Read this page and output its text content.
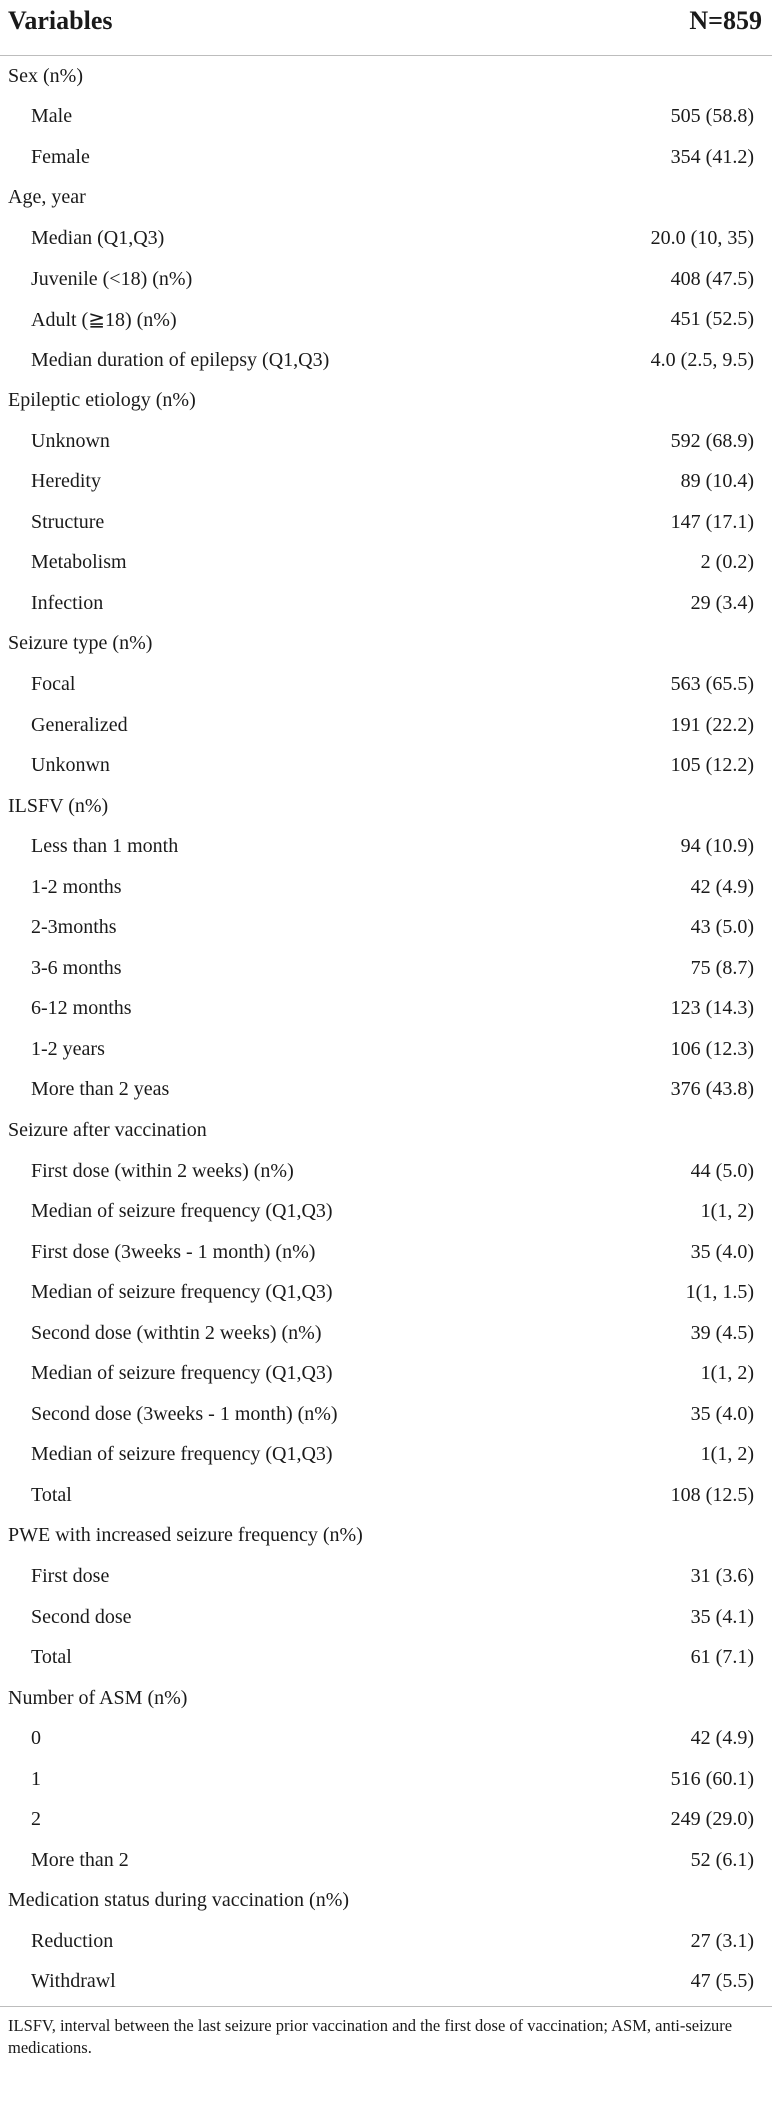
Variables	N=859
Sex (n%)
Male	505 (58.8)
Female	354 (41.2)
Age, year
Median (Q1,Q3)	20.0 (10, 35)
Juvenile (<18) (n%)	408 (47.5)
Adult (≧18) (n%)	451 (52.5)
Median duration of epilepsy (Q1,Q3)	4.0 (2.5, 9.5)
Epileptic etiology (n%)
Unknown	592 (68.9)
Heredity	89 (10.4)
Structure	147 (17.1)
Metabolism	2 (0.2)
Infection	29 (3.4)
Seizure type (n%)
Focal	563 (65.5)
Generalized	191 (22.2)
Unkonwn	105 (12.2)
ILSFV (n%)
Less than 1 month	94 (10.9)
1-2 months	42 (4.9)
2-3months	43 (5.0)
3-6 months	75 (8.7)
6-12 months	123 (14.3)
1-2 years	106 (12.3)
More than 2 yeas	376 (43.8)
Seizure after vaccination
First dose (within 2 weeks) (n%)	44 (5.0)
Median of seizure frequency (Q1,Q3)	1(1, 2)
First dose (3weeks - 1 month) (n%)	35 (4.0)
Median of seizure frequency (Q1,Q3)	1(1, 1.5)
Second dose (withtin 2 weeks) (n%)	39 (4.5)
Median of seizure frequency (Q1,Q3)	1(1, 2)
Second dose (3weeks - 1 month) (n%)	35 (4.0)
Median of seizure frequency (Q1,Q3)	1(1, 2)
Total	108 (12.5)
PWE with increased seizure frequency (n%)
First dose	31 (3.6)
Second dose	35 (4.1)
Total	61 (7.1)
Number of ASM (n%)
0	42 (4.9)
1	516 (60.1)
2	249 (29.0)
More than 2	52 (6.1)
Medication status during vaccination (n%)
Reduction	27 (3.1)
Withdrawl	47 (5.5)
ILSFV, interval between the last seizure prior vaccination and the first dose of vaccination; ASM, anti-seizure medications.
